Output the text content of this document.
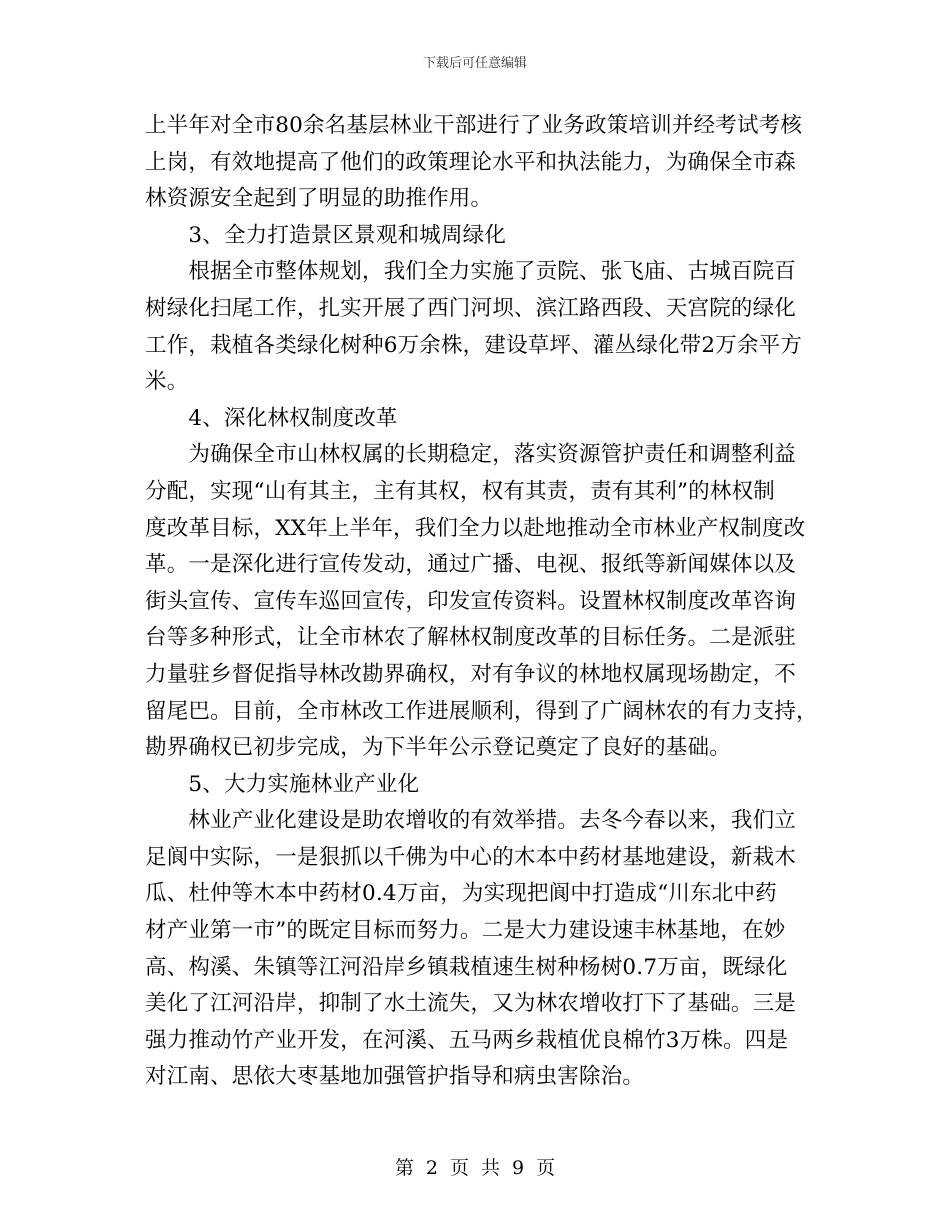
下载后可任意编辑
上半年对全市80余名基层林业干部进行了业务政策培训并经考试考核
上岗，有效地提高了他们的政策理论水平和执法能力，为确保全市森
林资源安全起到了明显的助推作用。
　　3、全力打造景区景观和城周绿化
　　根据全市整体规划，我们全力实施了贡院、张飞庙、古城百院百
树绿化扫尾工作，扎实开展了西门河坝、滨江路西段、天宫院的绿化
工作，栽植各类绿化树种6万余株，建设草坪、灌丛绿化带2万余平方
米。
　　4、深化林权制度改革
　　为确保全市山林权属的长期稳定，落实资源管护责任和调整利益
分配，实现“山有其主，主有其权，权有其责，责有其利”的林权制
度改革目标，XX年上半年，我们全力以赴地推动全市林业产权制度改
革。一是深化进行宣传发动，通过广播、电视、报纸等新闻媒体以及
街头宣传、宣传车巡回宣传，印发宣传资料。设置林权制度改革咨询
台等多种形式，让全市林农了解林权制度改革的目标任务。二是派驻
力量驻乡督促指导林改勘界确权，对有争议的林地权属现场勘定，不
留尾巴。目前，全市林改工作进展顺利，得到了广阔林农的有力支持，
勘界确权已初步完成，为下半年公示登记奠定了良好的基础。
　　5、大力实施林业产业化
　　林业产业化建设是助农增收的有效举措。去冬今春以来，我们立
足阆中实际，一是狠抓以千佛为中心的木本中药材基地建设，新栽木
瓜、杜仲等木本中药材0.4万亩，为实现把阆中打造成“川东北中药
材产业第一市”的既定目标而努力。二是大力建设速丰林基地，在妙
高、构溪、朱镇等江河沿岸乡镇栽植速生树种杨树0.7万亩，既绿化
美化了江河沿岸，抑制了水土流失，又为林农增收打下了基础。三是
强力推动竹产业开发，在河溪、五马两乡栽植优良棉竹3万株。四是
对江南、思依大枣基地加强管护指导和病虫害除治。
第 2 页 共 9 页
